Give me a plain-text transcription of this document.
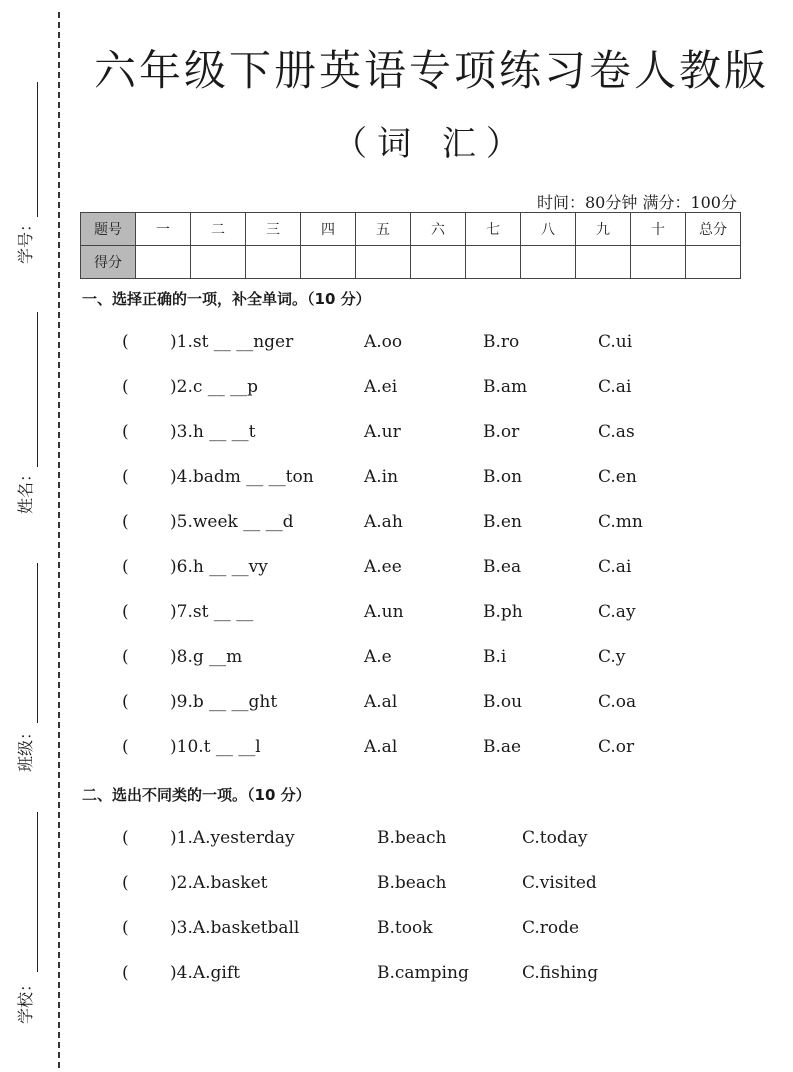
学号：
姓名：
班级：
学校：
六年级下册英语专项练习卷人教版
（词 汇）
时间：80分钟 满分：100分
题号	一	二	三	四	五	六	七	八	九	十	总分
得分											
一、选择正确的一项，补全单词。（10 分）
( )1.st __ __nger	A.oo	B.ro	C.ui
( )2.c __ __p	A.ei	B.am	C.ai
( )3.h __ __t	A.ur	B.or	C.as
( )4.badm __ __ton	A.in	B.on	C.en
( )5.week __ __d	A.ah	B.en	C.mn
( )6.h __ __vy	A.ee	B.ea	C.ai
( )7.st __ __	A.un	B.ph	C.ay
( )8.g __m	A.e	B.i	C.y
( )9.b __ __ght	A.al	B.ou	C.oa
( )10.t __ __l	A.al	B.ae	C.or
二、选出不同类的一项。（10 分）
( )1.A.yesterday	B.beach	C.today
( )2.A.basket	B.beach	C.visited
( )3.A.basketball	B.took	C.rode
( )4.A.gift	B.camping	C.fishing
